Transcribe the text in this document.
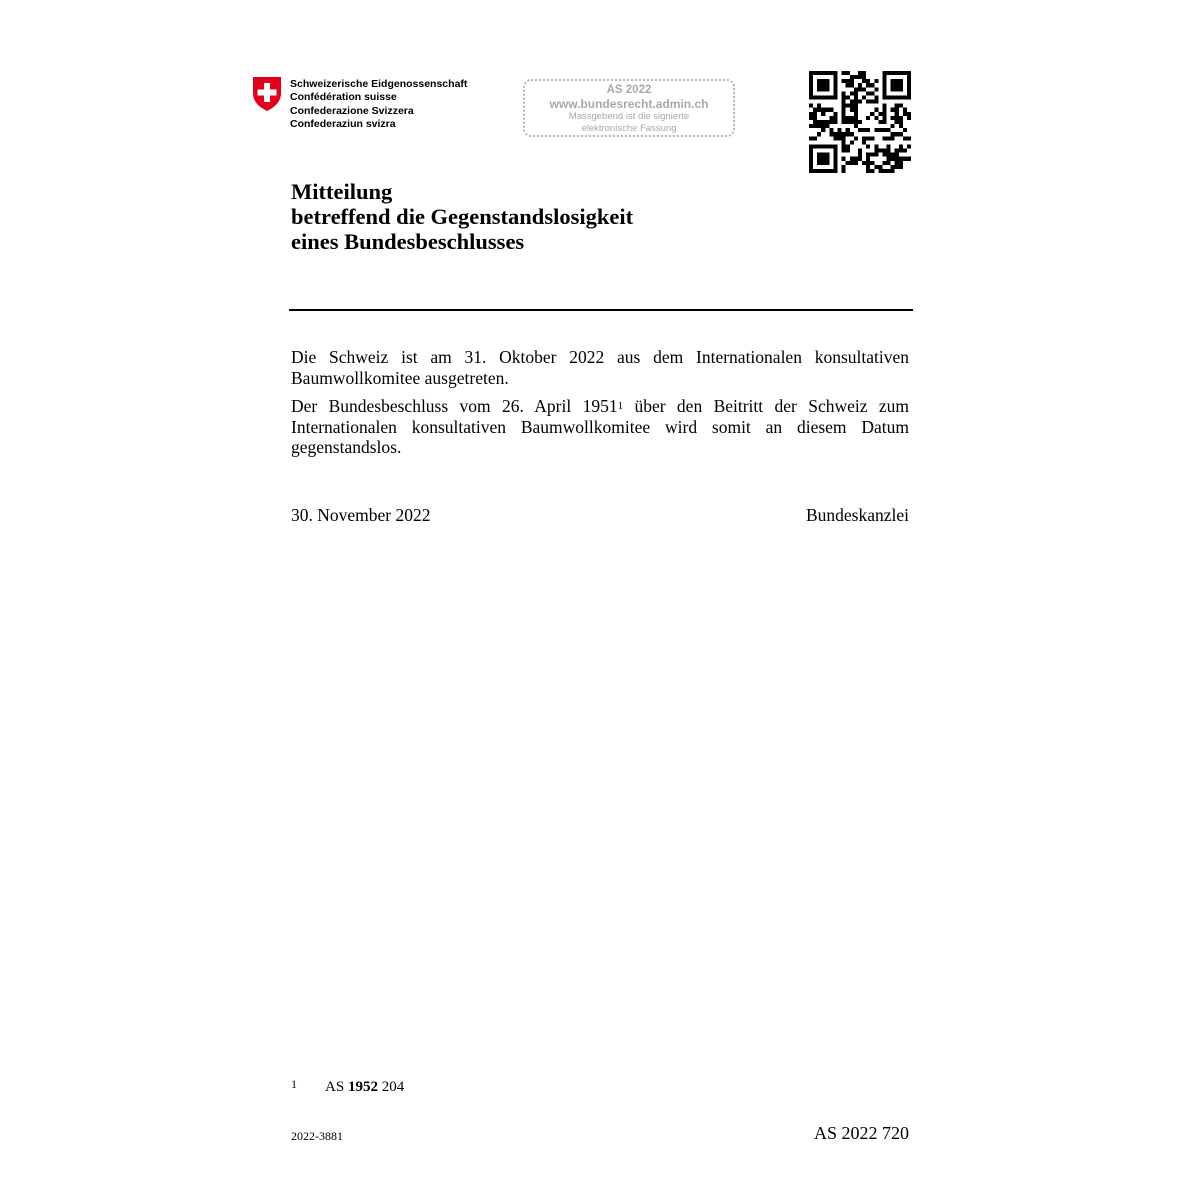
Schweizerische Eidgenossenschaft
Confédération suisse
Confederazione Svizzera
Confederaziun svizra
AS 2022
www.bundesrecht.admin.ch
Massgebend ist die signierte
elektronische Fassung
Mitteilung
betreffend die Gegenstandslosigkeit
eines Bundesbeschlusses

Die Schweiz ist am 31. Oktober 2022 aus dem Internationalen konsultativen Baumwollkomitee ausgetreten.

Der Bundesbeschluss vom 26. April 1951$^1$ über den Beitritt der Schweiz zum Internationalen konsultativen Baumwollkomitee wird somit an diesem Datum gegenstandslos.

30. November 2022	Bundeskanzlei
1 AS 1952 204
2022-3881	AS 2022 720
